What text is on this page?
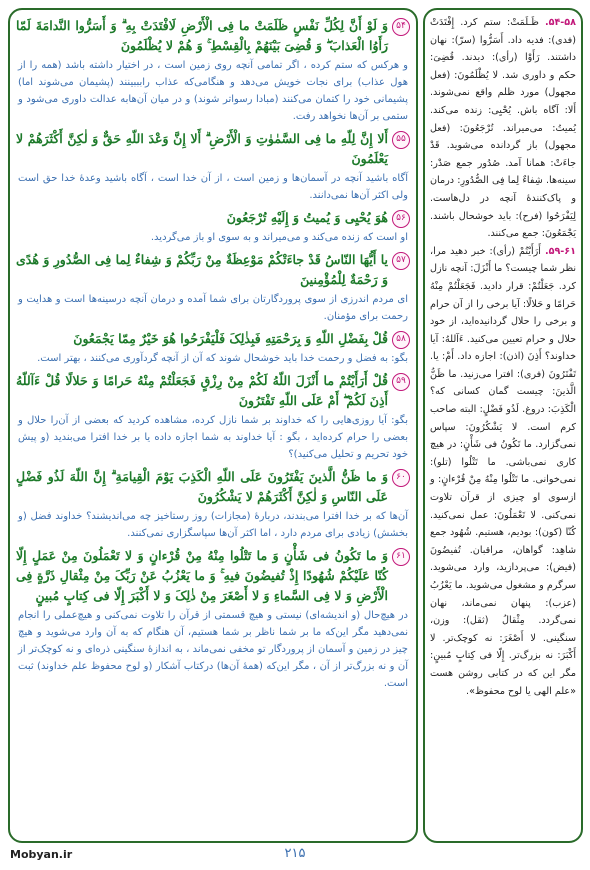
۵۴-۵۸. ظَـلَمَتْ: ستم کرد. إِفْتَدَتْ (فدی): فدیه داد. أَسَرُّوا (سرّ): نهان داشتند. رَأَوْا (رأی): دیدند. قُضِیَ: حکم و داوری شد. لا یُظْلَمُونَ: (فعل مجهول) مورد ظلم واقع نمی‌شوند. أَلا: آگاه باش. یُحْیِی: زنده می‌کند. یُمیتُ: می‌میراند. تُرْجَعُونَ: (فعل مجهول) باز گردانده می‌شوید. قَدْ جاءَتْ: همانا آمد. صُدُور جمع صَدْر: سینه‌ها. شِفاءٌ لِما فِی الصُّدُورِ: درمان و پاک‌کنندۀ آنچه در دل‌هاست. لِیَفْرَحُوا (فرح): باید خوشحال باشند. یَجْمَعُونَ: جمع می‌کنند.

۵۹-۶۱. أَرَأَیْتُمْ (رأی): خبر دهید مرا، نظر شما چیست؟ ما أَنْزَلَ: آنچه نازل کرد. جَعَلْتُمْ: قرار دادید. فَجَعَلْتُمْ مِنْهُ حَرامًا و حَلالًا: آیا برخی را از آن حرام و برخی را حلال گردانیده‌اید، از خود حلال و حرام تعیین می‌کنید. ءَآللهُ: آیا خداوند؟ أَذِنَ (اذن): اجازه داد. أَمْ: یا. تَفْتَرُونَ (فری): افترا می‌زنید. ما ظَنُّ الَّذینَ: چیست گمان کسانی که؟ الْکَذِبَ: دروغ. لَذُو فَضْلٍ: البته صاحب کرم است. لا یَشْکُرُونَ: سپاس نمی‌گزارد. ما تَکُونُ فی شَأْنٍ: در هیچ کاری نمی‌باشی. ما تَتْلُوا (تلو): نمی‌خوانی. ما تَتْلُوا مِنْهُ مِنْ قُرْءانٍ: و ازسوی او چیزی از قرآن تلاوت نمی‌کنی. لا تَعْمَلُونَ: عمل نمی‌کنید. کُنّا (کون): بودیم، هستیم. شُهُود جمع شاهِد: گواهان، مراقبان. تُفیضُونَ (فیض): می‌پردازید، وارد می‌شوید. سرگرم و مشغول می‌شوید. ما یَعْزُبُ (عزب): پنهان نمی‌ماند، نهان نمی‌گردد. مِثْقالُ (ثقل): وزن، سنگینی. لا أَصْغَرَ: نه کوچک‌تر. لا أَکْبَرَ: نه بزرگ‌تر. إِلّا فی کِتابٍ مُبینٍ: مگر این که در کتابی روشن هست «علم الهی یا لوح محفوظ».

۵۴
وَ لَوْ أَنَّ لِکُلِّ نَفْسٍ ظَلَمَتْ ما فِی الْأَرْضِ لَافْتَدَتْ بِهِ ۗ وَ أَسَرُّوا النَّدامَةَ لَمّا رَأَوُا الْعَذابَ ۖ وَ قُضِیَ بَیْنَهُمْ بِالْقِسْطِ ۚ وَ هُمْ لا یُظْلَمُونَ
و هرکس که ستم کرده ، اگر تمامی آنچه روی زمین است ، در اختیار داشته باشد (همه را از هول عذاب) برای نجات خویش می‌دهد و هنگامی‌که عذاب رابببینند (پشیمان می‌شوند اما) پشیمانی خود را کتمان می‌کنند (مبادا رسواتر شوند) و در میان آن‌هابه عدالت داوری می‌شود و ستمی بر آن‌ها نخواهد رفت.
۵۵
أَلا إِنَّ لِلّهِ ما فِی السَّمٰوٰتِ وَ الْأَرْضِ ۗ أَلا إِنَّ وَعْدَ اللّهِ حَقٌّ وَ لٰکِنَّ أَکْثَرَهُمْ لا یَعْلَمُونَ
آگاه باشید آنچه در آسمان‌ها و زمین است ، از آن خدا است ، آگاه باشید وعدۀ خدا حق است ولی اکثر آن‌ها نمی‌دانند.
۵۶
هُوَ یُحْیِی وَ یُمیتُ وَ إِلَیْهِ تُرْجَعُونَ
او است که زنده می‌کند و می‌میراند و به سوی او باز می‌گردید.
۵۷
یا أَیُّهَا النّاسُ قَدْ جاءَتْکُمْ مَوْعِظَةٌ مِنْ رَبِّکُمْ وَ شِفاءٌ لِما فِی الصُّدُورِ وَ هُدًی وَ رَحْمَةٌ لِلْمُؤْمِنینَ
ای مردم اندرزی از سوی پروردگارتان برای شما آمده و درمان آنچه درسینه‌ها است و هدایت و رحمت برای مؤمنان.
۵۸
قُلْ بِفَضْلِ اللّهِ وَ بِرَحْمَتِهِ فَبِذٰلِکَ فَلْیَفْرَحُوا هُوَ خَیْرٌ مِمّا یَجْمَعُونَ
بگو: به فضل و رحمت خدا باید خوشحال شوند که آن از آنچه گردآوری می‌کنند ، بهتر است.
۵۹
قُلْ أَرَأَیْتُمْ ما أَنْزَلَ اللّهُ لَکُمْ مِنْ رِزْقٍ فَجَعَلْتُمْ مِنْهُ حَرامًا وَ حَلالًا قُلْ ءَآللّهُ أَذِنَ لَکُمْ ۖ أَمْ عَلَی اللّهِ تَفْتَرُونَ
بگو: آیا روزی‌هایی را که خداوند بر شما نازل کرده، مشاهده کردید که بعضی از آن‌را حلال و بعضی را حرام کرده‌اید ، بگو : آیا خداوند به شما اجازه داده یا بر خدا افترا می‌بندید (و پیش خود تحریم و تحلیل می‌کنید)؟
۶۰
وَ ما ظَنُّ الَّذینَ یَفْتَرُونَ عَلَی اللّهِ الْکَذِبَ یَوْمَ الْقِیامَةِ ۗ إِنَّ اللّهَ لَذُو فَضْلٍ عَلَی النّاسِ وَ لٰکِنَّ أَکْثَرَهُمْ لا یَشْکُرُونَ
آن‌ها که بر خدا افترا می‌بندند، دربارۀ (مجازات) روز رستاخیز چه می‌اندیشند؟ خداوند فضل (و بخشش) زیادی برای مردم دارد ، اما اکثر آن‌ها سپاسگزاری نمی‌کنند.
۶۱
وَ ما تَکُونُ فی شَأْنٍ وَ ما تَتْلُوا مِنْهُ مِنْ قُرْءانٍ وَ لا تَعْمَلُونَ مِنْ عَمَلٍ إِلّا کُنّا عَلَیْکُمْ شُهُودًا إِذْ تُفیضُونَ فیهِ ۚ وَ ما یَعْزُبُ عَنْ رَبِّکَ مِنْ مِثْقالِ ذَرَّةٍ فِی الْأَرْضِ وَ لا فِی السَّماءِ وَ لا أَصْغَرَ مِنْ ذٰلِکَ وَ لا أَکْبَرَ إِلّا فی کِتابٍ مُبینٍ
در هیچ‌حال (و اندیشه‌ای) نیستی و هیچ قسمتی از قرآن را تلاوت نمی‌کنی و هیچ‌عملی را انجام نمی‌دهید مگر این‌که ما بر شما ناظر بر شما هستیم، آن هنگام که به آن وارد می‌شوید و هیچ چیز در زمین و آسمان از پروردگار تو مخفی نمی‌ماند ، به اندازۀ سنگینی ذره‌ای و نه کوچک‌تر از آن و نه بزرگ‌تر از آن ، مگر این‌که (همۀ آن‌ها) درکتاب آشکار (و لوح محفوظ علم خداوند) ثبت است.
۲۱۵
Mobyan.ir
